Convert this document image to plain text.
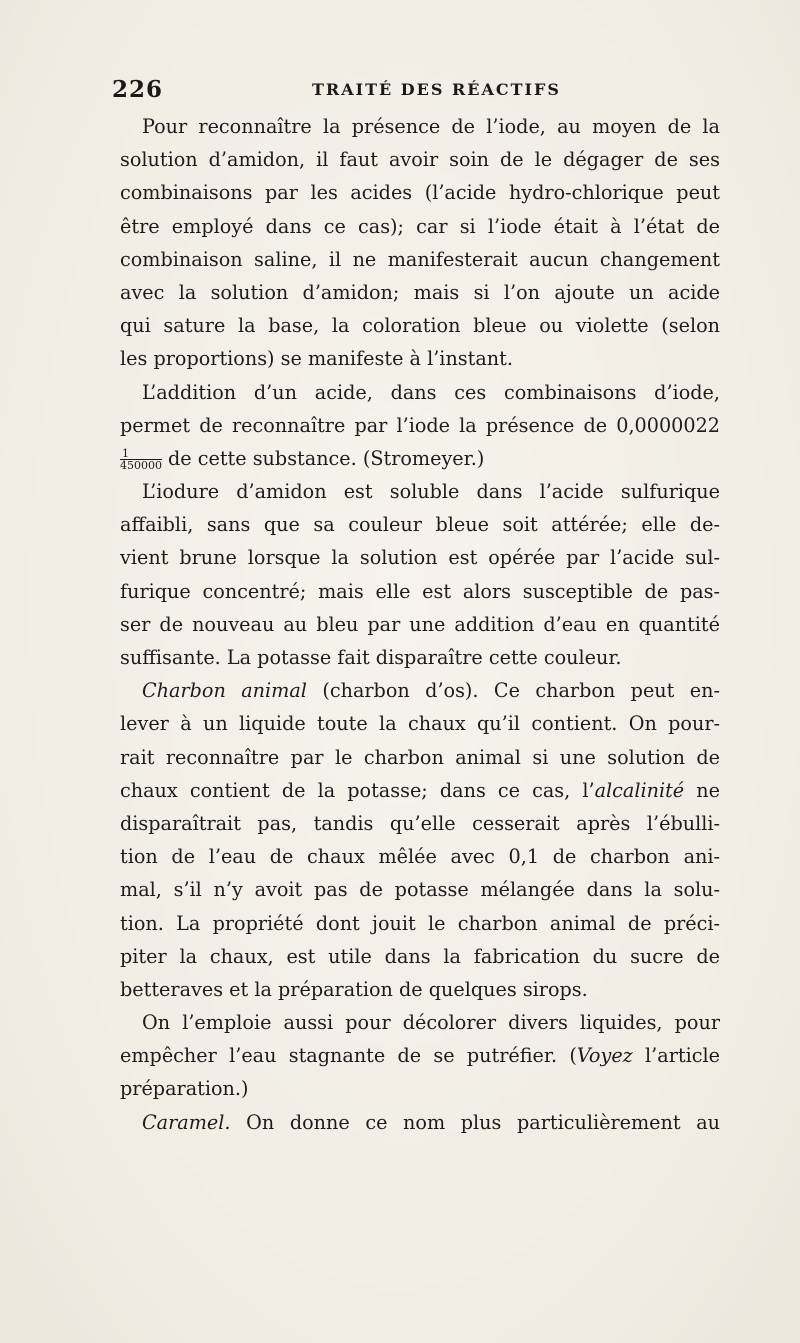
226	TRAITÉ DES RÉACTIFS
Pour reconnaître la présence de l’iode, au moyen de la
solution d’amidon, il faut avoir soin de le dégager de ses
combinaisons par les acides (l’acide hydro-chlorique peut
être employé dans ce cas); car si l’iode était à l’état de
combinaison saline, il ne manifesterait aucun changement
avec la solution d’amidon; mais si l’on ajoute un acide
qui sature la base, la coloration bleue ou violette (selon
les proportions) se manifeste à l’instant.
L’addition d’un acide, dans ces combinaisons d’iode,
permet de reconnaître par l’iode la présence de 0,0000022
$\frac{1}{450000}$ de cette substance. (Stromeyer.)
L’iodure d’amidon est soluble dans l’acide sulfurique
affaibli, sans que sa couleur bleue soit attérée; elle de-
vient brune lorsque la solution est opérée par l’acide sul-
furique concentré; mais elle est alors susceptible de pas-
ser de nouveau au bleu par une addition d’eau en quantité
suffisante. La potasse fait disparaître cette couleur.
Charbon animal (charbon d’os). Ce charbon peut en-
lever à un liquide toute la chaux qu’il contient. On pour-
rait reconnaître par le charbon animal si une solution de
chaux contient de la potasse; dans ce cas, l’alcalinité ne
disparaîtrait pas, tandis qu’elle cesserait après l’ébulli-
tion de l’eau de chaux mêlée avec 0,1 de charbon ani-
mal, s’il n’y avoit pas de potasse mélangée dans la solu-
tion. La propriété dont jouit le charbon animal de préci-
piter la chaux, est utile dans la fabrication du sucre de
betteraves et la préparation de quelques sirops.
On l’emploie aussi pour décolorer divers liquides, pour
empêcher l’eau stagnante de se putréfier. (Voyez l’article
préparation.)
Caramel. On donne ce nom plus particulièrement au
